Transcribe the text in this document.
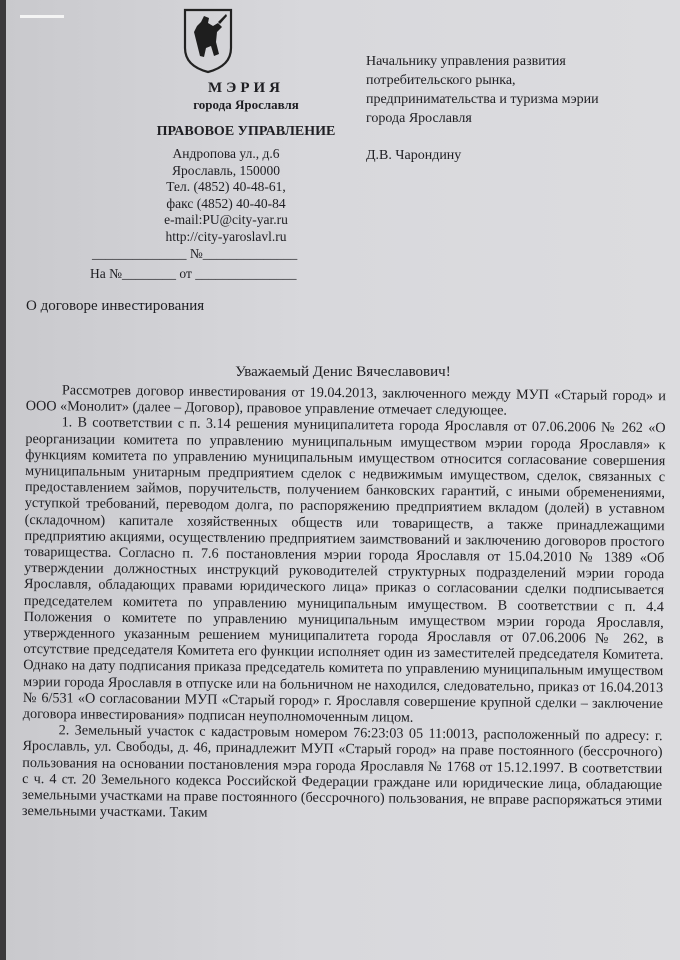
МЭРИЯ
города Ярославля
ПРАВОВОЕ УПРАВЛЕНИЕ
Андропова ул., д.6
Ярославль, 150000
Тел. (4852) 40-48-61,
факс (4852) 40-40-84
e-mail:PU@city-yar.ru
http://city-yaroslavl.ru
______________ №______________
На №________ от _______________
Начальнику управления развития
потребительского рынка,
предпринимательства и туризма мэрии
города Ярославля
Д.В. Чарондину
О договоре инвестирования
Уважаемый Денис Вячеславович!

Рассмотрев договор инвестирования от 19.04.2013, заключенного между МУП «Старый город» и ООО «Монолит» (далее – Договор), правовое управление отмечает следующее.

1. В соответствии с п. 3.14 решения муниципалитета города Ярославля от 07.06.2006 № 262 «О реорганизации комитета по управлению муниципальным имуществом мэрии города Ярославля» к функциям комитета по управлению муниципальным имуществом относится согласование совершения муниципальным унитарным предприятием сделок с недвижимым имуществом, сделок, связанных с предоставлением займов, поручительств, получением банковских гарантий, с иными обременениями, уступкой требований, переводом долга, по распоряжению предприятием вкладом (долей) в уставном (складочном) капитале хозяйственных обществ или товариществ, а также принадлежащими предприятию акциями, осуществлению предприятием заимствований и заключению договоров простого товарищества. Согласно п. 7.6 постановления мэрии города Ярославля от 15.04.2010 № 1389 «Об утверждении должностных инструкций руководителей структурных подразделений мэрии города Ярославля, обладающих правами юридического лица» приказ о согласовании сделки подписывается председателем комитета по управлению муниципальным имуществом. В соответствии с п. 4.4 Положения о комитете по управлению муниципальным имуществом мэрии города Ярославля, утвержденного указанным решением муниципалитета города Ярославля от 07.06.2006 № 262, в отсутствие председателя Комитета его функции исполняет один из заместителей председателя Комитета. Однако на дату подписания приказа председатель комитета по управлению муниципальным имуществом мэрии города Ярославля в отпуске или на больничном не находился, следовательно, приказ от 16.04.2013 № 6/531 «О согласовании МУП «Старый город» г. Ярославля совершение крупной сделки – заключение договора инвестирования» подписан неуполномоченным лицом.

2. Земельный участок с кадастровым номером 76:23:03 05 11:0013, расположенный по адресу: г. Ярославль, ул. Свободы, д. 46, принадлежит МУП «Старый город» на праве постоянного (бессрочного) пользования на основании постановления мэра города Ярославля № 1768 от 15.12.1997. В соответствии с ч. 4 ст. 20 Земельного кодекса Российской Федерации граждане или юридические лица, обладающие земельными участками на праве постоянного (бессрочного) пользования, не вправе распоряжаться этими земельными участками. Таким
